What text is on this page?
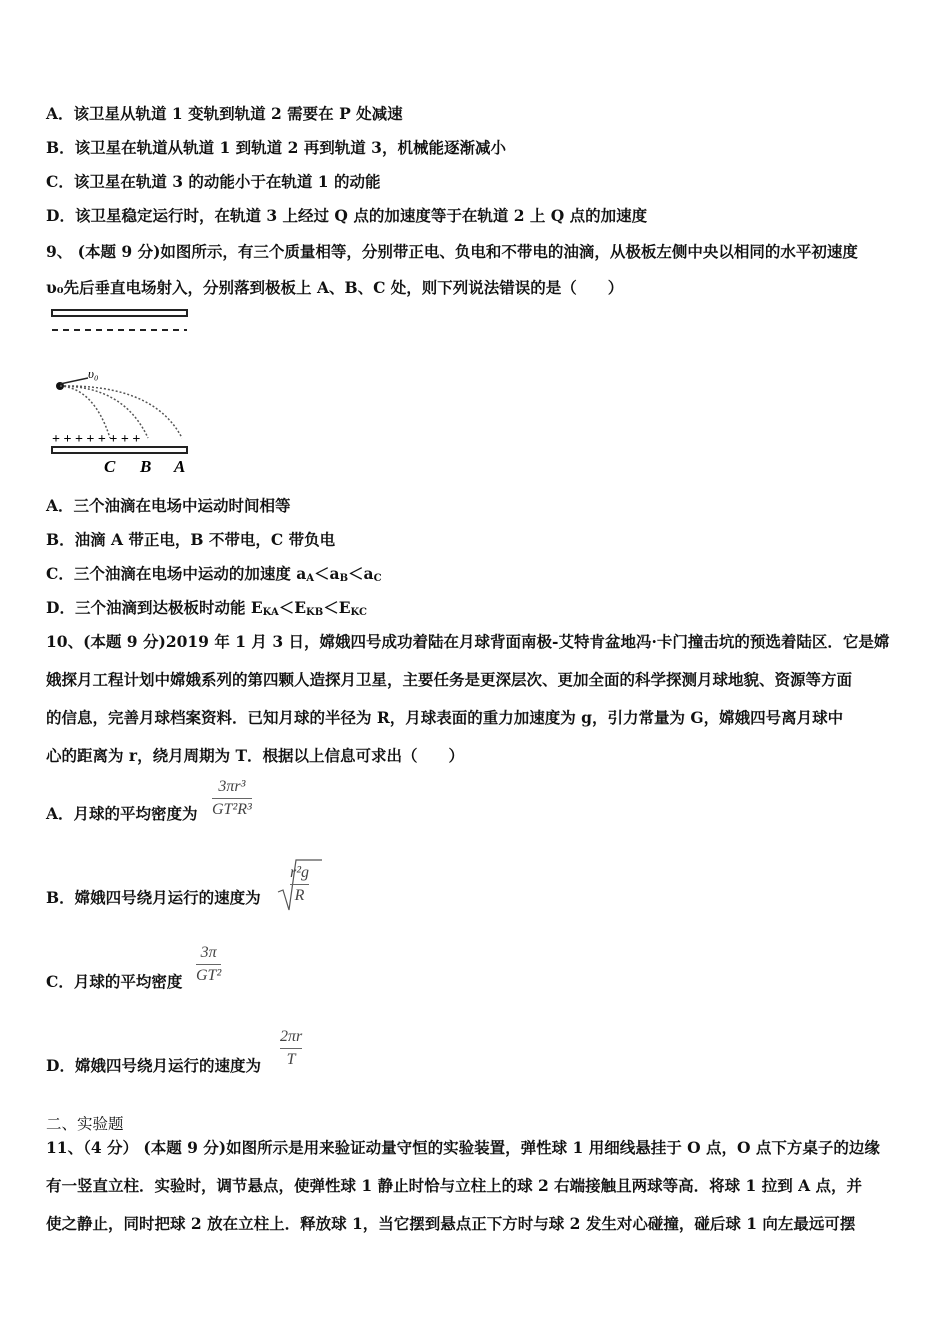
A．该卫星从轨道 1 变轨到轨道 2 需要在 P 处减速
B．该卫星在轨道从轨道 1 到轨道 2 再到轨道 3，机械能逐渐减小
C．该卫星在轨道 3 的动能小于在轨道 1 的动能
D．该卫星稳定运行时，在轨道 3 上经过 Q 点的加速度等于在轨道 2 上 Q 点的加速度
9、 (本题 9 分)如图所示，有三个质量相等，分别带正电、负电和不带电的油滴，从极板左侧中央以相同的水平初速度
υ₀先后垂直电场射入，分别落到极板上 A、B、C 处，则下列说法错误的是（　　）
υ₀
+ + + + + + + +
C B A
A．三个油滴在电场中运动时间相等
B．油滴 A 带正电，B 不带电，C 带负电
C．三个油滴在电场中运动的加速度 $a_A<a_B<a_C$
D．三个油滴到达极板时动能 $E_{KA}<E_{KB}<E_{KC}$
10、(本题 9 分)2019 年 1 月 3 日，嫦娥四号成功着陆在月球背面南极-艾特肯盆地冯·卡门撞击坑的预选着陆区．它是嫦
娥探月工程计划中嫦娥系列的第四颗人造探月卫星，主要任务是更深层次、更加全面的科学探测月球地貌、资源等方面
的信息，完善月球档案资料．已知月球的半径为 R，月球表面的重力加速度为 g，引力常量为 G，嫦娥四号离月球中
心的距离为 r，绕月周期为 T．根据以上信息可求出（　　）
A．月球的平均密度为
3πr³
GT²R³
B．嫦娥四号绕月运行的速度为
r²g
R
C．月球的平均密度
3π
GT²
D．嫦娥四号绕月运行的速度为
2πr
T
二、实验题
11、（4 分） (本题 9 分)如图所示是用来验证动量守恒的实验装置，弹性球 1 用细线悬挂于 O 点，O 点下方桌子的边缘
有一竖直立柱．实验时，调节悬点，使弹性球 1 静止时恰与立柱上的球 2 右端接触且两球等高．将球 1 拉到 A 点，并
使之静止，同时把球 2 放在立柱上．释放球 1，当它摆到悬点正下方时与球 2 发生对心碰撞，碰后球 1 向左最远可摆
